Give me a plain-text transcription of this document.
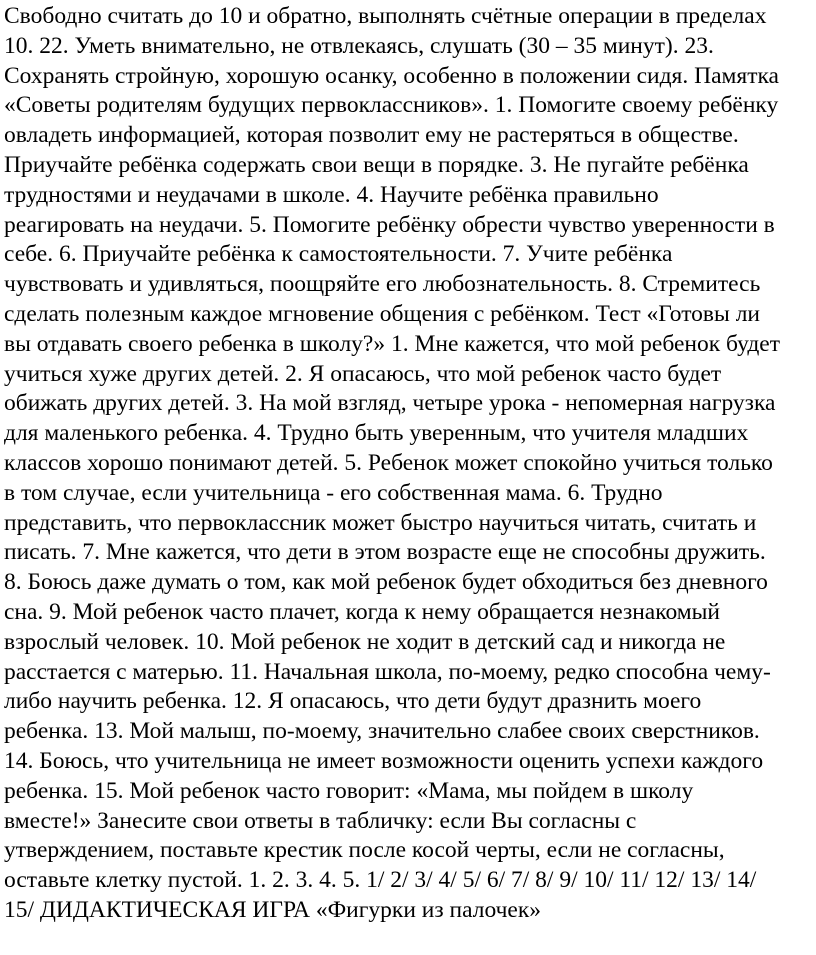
Свободно считать до 10 и обратно, выполнять счётные операции в пределах
10. 22. Уметь внимательно, не отвлекаясь, слушать (30 – 35 минут). 23.
Сохранять стройную, хорошую осанку, особенно в положении сидя. Памятка
«Советы родителям будущих первоклассников». 1. Помогите своему ребёнку
овладеть информацией, которая позволит ему не растеряться в обществе.
Приучайте ребёнка содержать свои вещи в порядке. 3. Не пугайте ребёнка
трудностями и неудачами в школе. 4. Научите ребёнка правильно
реагировать на неудачи. 5. Помогите ребёнку обрести чувство уверенности в
себе. 6. Приучайте ребёнка к самостоятельности. 7. Учите ребёнка
чувствовать и удивляться, поощряйте его любознательность. 8. Стремитесь
сделать полезным каждое мгновение общения с ребёнком. Тест «Готовы ли
вы отдавать своего ребенка в школу?» 1. Мне кажется, что мой ребенок будет
учиться хуже других детей. 2. Я опасаюсь, что мой ребенок часто будет
обижать других детей. 3. На мой взгляд, четыре урока - непомерная нагрузка
для маленького ребенка. 4. Трудно быть уверенным, что учителя младших
классов хорошо понимают детей. 5. Ребенок может спокойно учиться только
в том случае, если учительница - его собственная мама. 6. Трудно
представить, что первоклассник может быстро научиться читать, считать и
писать. 7. Мне кажется, что дети в этом возрасте еще не способны дружить.
8. Боюсь даже думать о том, как мой ребенок будет обходиться без дневного
сна. 9. Мой ребенок часто плачет, когда к нему обращается незнакомый
взрослый человек. 10. Мой ребенок не ходит в детский сад и никогда не
расстается с матерью. 11. Начальная школа, по-моему, редко способна чему-
либо научить ребенка. 12. Я опасаюсь, что дети будут дразнить моего
ребенка. 13. Мой малыш, по-моему, значительно слабее своих сверстников.
14. Боюсь, что учительница не имеет возможности оценить успехи каждого
ребенка. 15. Мой ребенок часто говорит: «Мама, мы пойдем в школу
вместе!» Занесите свои ответы в табличку: если Вы согласны с
утверждением, поставьте крестик после косой черты, если не согласны,
оставьте клетку пустой. 1. 2. 3. 4. 5. 1/ 2/ 3/ 4/ 5/ 6/ 7/ 8/ 9/ 10/ 11/ 12/ 13/ 14/
15/ ДИДАКТИЧЕСКАЯ ИГРА «Фигурки из палочек»
